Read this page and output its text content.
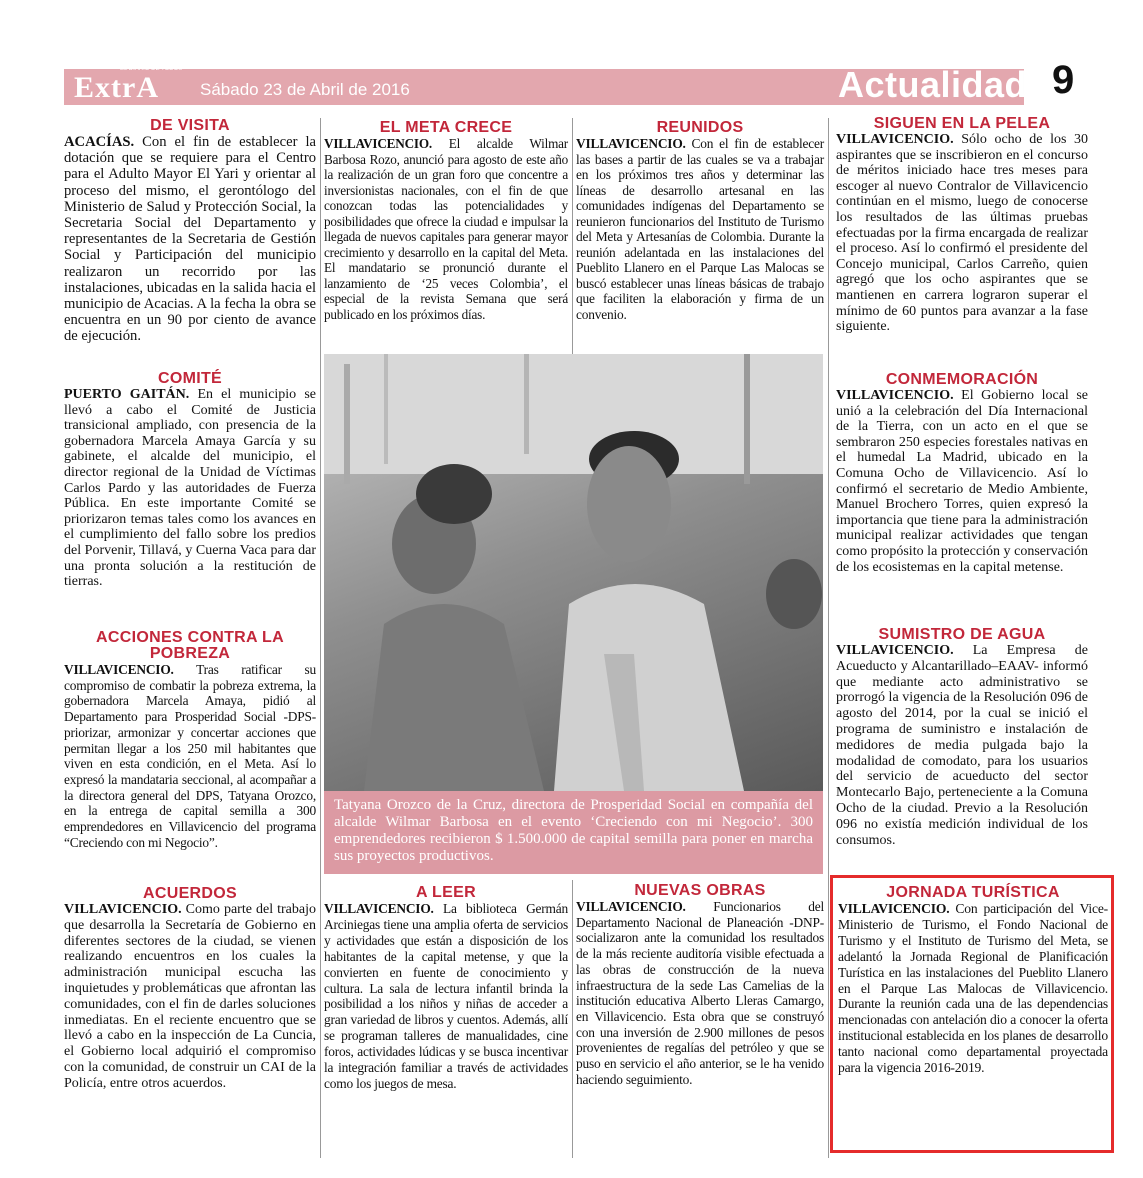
ExtrA
EL DIARIO DE TODOS
Sábado 23 de Abril de 2016	Actualidad 9
DE VISITA
ACACÍAS. Con el fin de establecer la dotación que se requiere para el Centro para el Adulto Mayor El Yari y orientar al proceso del mismo, el gerontólogo del Ministerio de Salud y Protección Social, la Secretaria Social del Departamento y representantes de la Secretaria de Gestión Social y Participación del municipio realizaron un recorrido por las instalaciones, ubicadas en la salida hacia el municipio de Acacias. A la fecha la obra se encuentra en un 90 por ciento de avance de ejecución.
COMITÉ
PUERTO GAITÁN. En el municipio se llevó a cabo el Comité de Justicia transicional ampliado, con presencia de la gobernadora Marcela Amaya García y su gabinete, el alcalde del municipio, el director regional de la Unidad de Víctimas Carlos Pardo y las autoridades de Fuerza Pública. En este importante Comité se priorizaron temas tales como los avances en el cumplimiento del fallo sobre los predios del Porvenir, Tillavá, y Cuerna Vaca para dar una pronta solución a la restitución de tierras.
ACCIONES CONTRA LA POBREZA
VILLAVICENCIO. Tras ratificar su compromiso de combatir la pobreza extrema, la gobernadora Marcela Amaya, pidió al Departamento para Prosperidad Social -DPS- priorizar, armonizar y concertar acciones que permitan llegar a los 250 mil habitantes que viven en esta condición, en el Meta. Así lo expresó la mandataria seccional, al acompañar a la directora general del DPS, Tatyana Orozco, en la entrega de capital semilla a 300 emprendedores en Villavicencio del programa “Creciendo con mi Negocio”.
ACUERDOS
VILLAVICENCIO. Como parte del trabajo que desarrolla la Secretaría de Gobierno en diferentes sectores de la ciudad, se vienen realizando encuentros en los cuales la administración municipal escucha las inquietudes y problemáticas que afrontan las comunidades, con el fin de darles soluciones inmediatas. En el reciente encuentro que se llevó a cabo en la inspección de La Cuncia, el Gobierno local adquirió el compromiso con la comunidad, de construir un CAI de la Policía, entre otros acuerdos.
EL META CRECE
VILLAVICENCIO. El alcalde Wilmar Barbosa Rozo, anunció para agosto de este año la realización de un gran foro que concentre a inversionistas nacionales, con el fin de que conozcan todas las potencialidades y posibilidades que ofrece la ciudad e impulsar la llegada de nuevos capitales para generar mayor crecimiento y desarrollo en la capital del Meta. El mandatario se pronunció durante el lanzamiento de ‘25 veces Colombia’, el especial de la revista Semana que será publicado en los próximos días.
A LEER
VILLAVICENCIO. La biblioteca Germán Arciniegas tiene una amplia oferta de servicios y actividades que están a disposición de los habitantes de la capital metense, y que la convierten en fuente de conocimiento y cultura. La sala de lectura infantil brinda la posibilidad a los niños y niñas de acceder a gran variedad de libros y cuentos. Además, allí se programan talleres de manualidades, cine foros, actividades lúdicas y se busca incentivar la integración familiar a través de actividades como los juegos de mesa.
REUNIDOS
VILLAVICENCIO. Con el fin de establecer las bases a partir de las cuales se va a trabajar en los próximos tres años y determinar las líneas de desarrollo artesanal en las comunidades indígenas del Departamento se reunieron funcionarios del Instituto de Turismo del Meta y Artesanías de Colombia. Durante la reunión adelantada en las instalaciones del Pueblito Llanero en el Parque Las Malocas se buscó establecer unas líneas básicas de trabajo que faciliten la elaboración y firma de un convenio.
NUEVAS OBRAS
VILLAVICENCIO. Funcionarios del Departamento Nacional de Planeación -DNP- socializaron ante la comunidad los resultados de la más reciente auditoría visible efectuada a las obras de construcción de la nueva infraestructura de la sede Las Camelias de la institución educativa Alberto Lleras Camargo, en Villavicencio. Esta obra que se construyó con una inversión de 2.900 millones de pesos provenientes de regalías del petróleo y que se puso en servicio el año anterior, se le ha venido haciendo seguimiento.
SIGUEN EN LA PELEA
VILLAVICENCIO. Sólo ocho de los 30 aspirantes que se inscribieron en el concurso de méritos iniciado hace tres meses para escoger al nuevo Contralor de Villavicencio continúan en el mismo, luego de conocerse los resultados de las últimas pruebas efectuadas por la firma encargada de realizar el proceso. Así lo confirmó el presidente del Concejo municipal, Carlos Carreño, quien agregó que los ocho aspirantes que se mantienen en carrera lograron superar el mínimo de 60 puntos para avanzar a la fase siguiente.
CONMEMORACIÓN
VILLAVICENCIO. El Gobierno local se unió a la celebración del Día Internacional de la Tierra, con un acto en el que se sembraron 250 especies forestales nativas en el humedal La Madrid, ubicado en la Comuna Ocho de Villavicencio. Así lo confirmó el secretario de Medio Ambiente, Manuel Brochero Torres, quien expresó la importancia que tiene para la administración municipal realizar actividades que tengan como propósito la protección y conservación de los ecosistemas en la capital metense.
SUMISTRO DE AGUA
VILLAVICENCIO. La Empresa de Acueducto y Alcantarillado–EAAV- informó que mediante acto administrativo se prorrogó la vigencia de la Resolución 096 de agosto del 2014, por la cual se inició el programa de suministro e instalación de medidores de media pulgada bajo la modalidad de comodato, para los usuarios del servicio de acueducto del sector Montecarlo Bajo, perteneciente a la Comuna Ocho de la ciudad. Previo a la Resolución 096 no existía medición individual de los consumos.
JORNADA TURÍSTICA
VILLAVICENCIO. Con participación del Vice-Ministerio de Turismo, el Fondo Nacional de Turismo y el Instituto de Turismo del Meta, se adelantó la Jornada Regional de Planificación Turística en las instalaciones del Pueblito Llanero en el Parque Las Malocas de Villavicencio. Durante la reunión cada una de las dependencias mencionadas con antelación dio a conocer la oferta institucional establecida en los planes de desarrollo tanto nacional como departamental proyectada para la vigencia 2016-2019.
Tatyana Orozco de la Cruz, directora de Prosperidad Social en compañía del alcalde Wilmar Barbosa en el evento ‘Creciendo con mi Negocio’. 300 emprendedores recibieron $ 1.500.000 de capital semilla para poner en marcha sus proyectos productivos.
